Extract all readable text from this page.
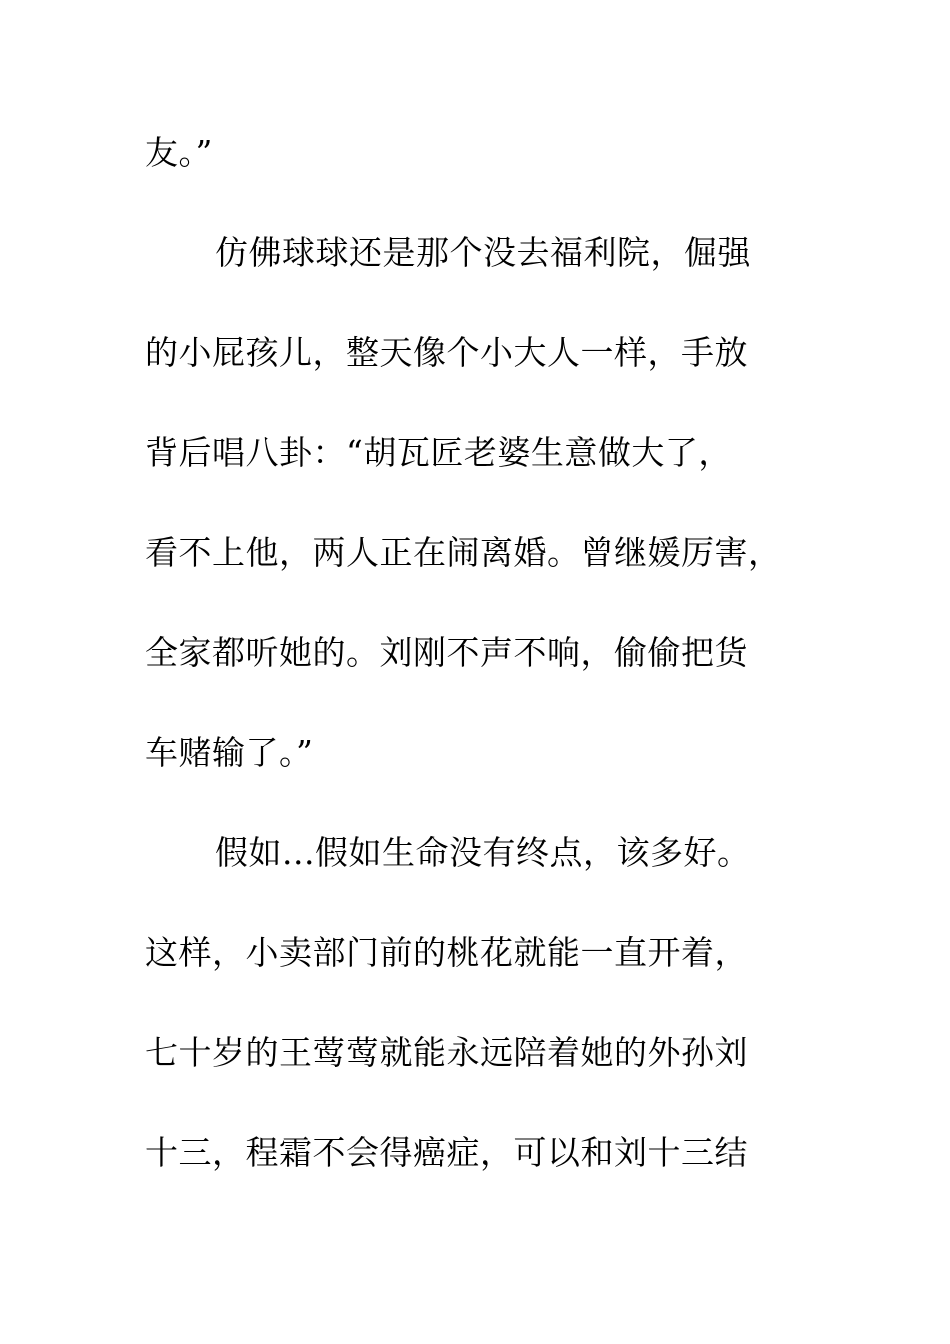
友。”
仿佛球球还是那个没去福利院，倔强
的小屁孩儿，整天像个小大人一样，手放
背后唱八卦：“胡瓦匠老婆生意做大了，
看不上他，两人正在闹离婚。曾继媛厉害，
全家都听她的。刘刚不声不响，偷偷把货
车赌输了。”
假如...假如生命没有终点，该多好。
这样，小卖部门前的桃花就能一直开着，
七十岁的王莺莺就能永远陪着她的外孙刘
十三，程霜不会得癌症，可以和刘十三结
